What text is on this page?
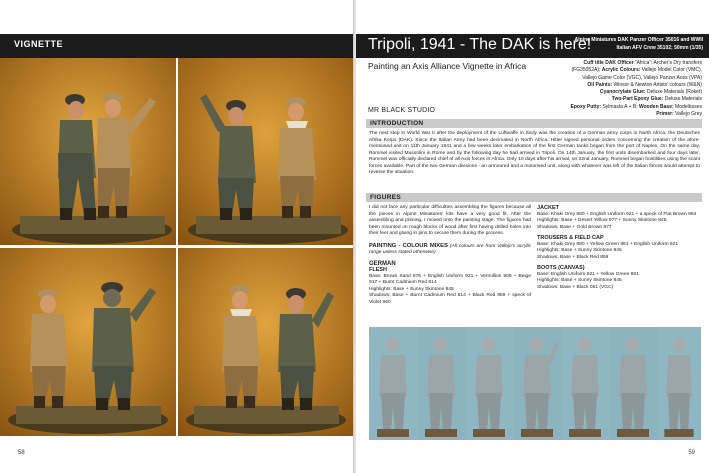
VIGNETTE
58
Tripoli, 1941 - The DAK is here!
Alpine Miniatures DAK Panzer Officer 35016 and WWII
Italian AFV Crew 35102; 50mm (1/35)
Painting an Axis Alliance Vignette in Africa	Cuff title DAK Officer “Africa”: Archer’s Dry transfers
(FG35052A); Acrylic Colours: Vallejo Model Color (VMC),
Vallejo Game Color (VGC), Vallejo Panzer Aces (VPA)
Oil Paints: Winsor & Newton Artists’ colours (W&N)
Cyanocrylate Glue: Deluxe Materials (Roket)
Two-Part Epoxy Glue: Deluxe Materials
Epoxy Putty: Sylmasta A + B; Wooden Base: Modelbases
Primer: Vallejo Grey
MR BLACK STUDIO
INTRODUCTION

The next step in World War II after the deployment of the Luftwaffe in Sicily was the creation of a German army corps in North Africa, the Deutsches Afrika Korps (DAK). Since the Italian Army had been decimated in North Africa, Hitler signed personal orders concerning the creation of the afore-mentioned unit on 11th January 1941 and a few weeks later embarkation of the first German tanks began from the port of Naples. On the same day, Rommel visited Mussolini in Rome and by the following day he had arrived in Tripoli. On 14th January, the first units disembarked and four days later, Rommel was officially declared chief of all Axis forces in Africa. Only 10 days after his arrival, on 22nd January, Rommel began hostilities using the scant forces available. Part of the two German divisions - an armoured and a motorised unit, along with whatever was left of the Italian forces would attempt to reverse the situation.

FIGURES

I did not face any particular difficulties assembling the figures because all the pieces in Alpine Miniatures’ kits have a very good fit. After the assembling and priming, I moved onto the painting stage. The figures had been mounted on rough blocks of wood after first having drilled holes into their feet and gluing in pins to secure them during the process.

PAINTING - COLOUR MIXES (All colours are from Vallejo’s acrylic range unless stated otherwise)

GERMAN
FLESH
Base: Brown Sand 876 + English Uniform 921 + Vermillion 909 + Beige 917 + Burnt Cadmium Red 814
Highlights: Base + Sunny Skintone 845
Shadows: Base + Burnt Cadmium Red 814 + Black Red 859 + speck of Violet 960
JACKET
Base: Khaki Grey 880 + English Uniform 921 + a speck of Flat Brown 984
Highlights: Base + Desert Yellow 977 + Sunny Skintone 845
Shadows: Base + Gold Brown 877
TROUSERS & FIELD CAP
Base: Khaki Grey 880 + Yellow Green 881 + English Uniform 921
Highlights: Base + Sunny Skintone 845
Shadows: Base + Black Red 859
BOOTS (CANVAS)
Base: English Uniform 921 + Yellow Green 881
Highlights: Base + Sunny Skintone 845
Shadows: Base + Black 051 (VGC)
59
